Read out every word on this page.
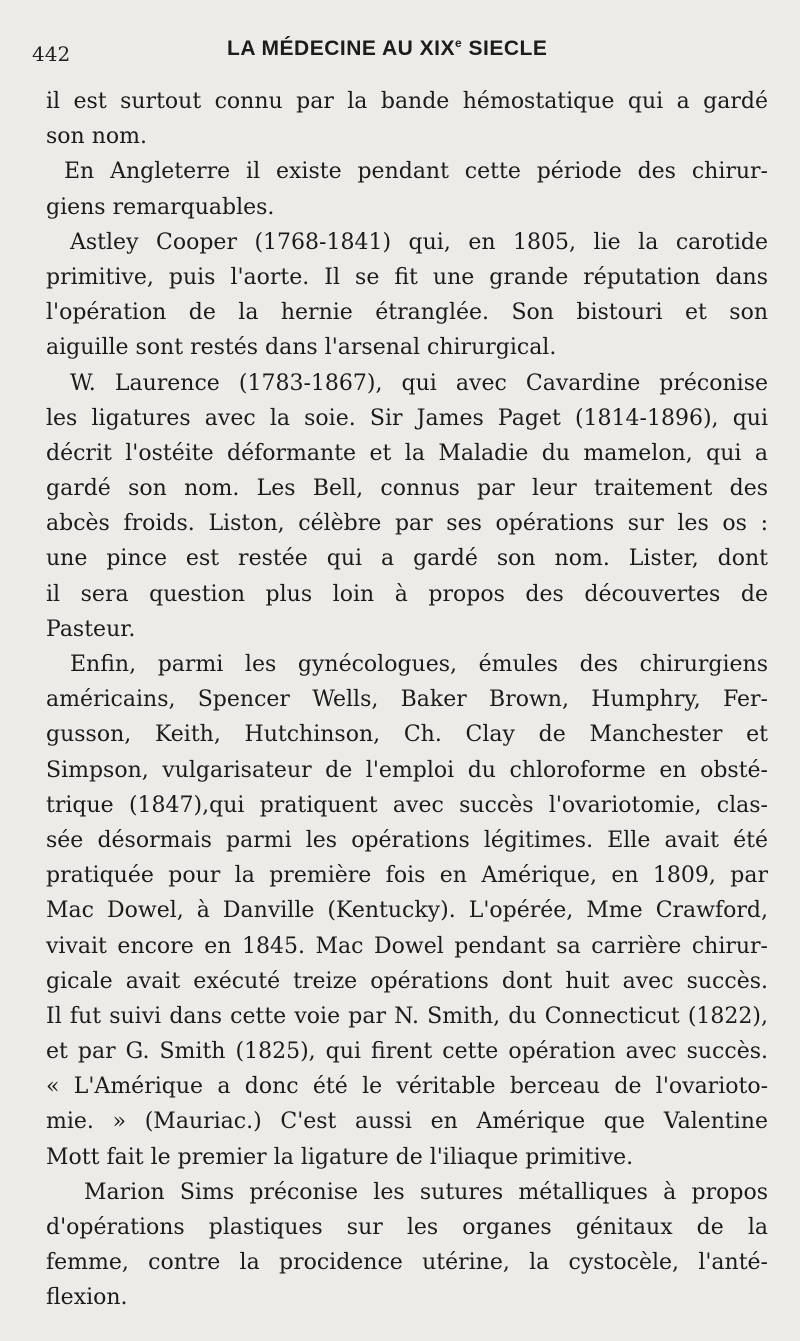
442	LA MÉDECINE AU XIXe SIECLE
il est surtout connu par la bande hémostatique qui a gardé
son nom.
En Angleterre il existe pendant cette période des chirur-
giens remarquables.
Astley Cooper (1768-1841) qui, en 1805, lie la carotide
primitive, puis l'aorte. Il se fit une grande réputation dans
l'opération de la hernie étranglée. Son bistouri et son
aiguille sont restés dans l'arsenal chirurgical.
W. Laurence (1783-1867), qui avec Cavardine préconise
les ligatures avec la soie. Sir James Paget (1814-1896), qui
décrit l'ostéite déformante et la Maladie du mamelon, qui a
gardé son nom. Les Bell, connus par leur traitement des
abcès froids. Liston, célèbre par ses opérations sur les os :
une pince est restée qui a gardé son nom. Lister, dont
il sera question plus loin à propos des découvertes de
Pasteur.
Enfin, parmi les gynécologues, émules des chirurgiens
américains, Spencer Wells, Baker Brown, Humphry, Fer-
gusson, Keith, Hutchinson, Ch. Clay de Manchester et
Simpson, vulgarisateur de l'emploi du chloroforme en obsté-
trique (1847),qui pratiquent avec succès l'ovariotomie, clas-
sée désormais parmi les opérations légitimes. Elle avait été
pratiquée pour la première fois en Amérique, en 1809, par
Mac Dowel, à Danville (Kentucky). L'opérée, Mme Crawford,
vivait encore en 1845. Mac Dowel pendant sa carrière chirur-
gicale avait exécuté treize opérations dont huit avec succès.
Il fut suivi dans cette voie par N. Smith, du Connecticut (1822),
et par G. Smith (1825), qui firent cette opération avec succès.
« L'Amérique a donc été le véritable berceau de l'ovarioto-
mie. » (Mauriac.) C'est aussi en Amérique que Valentine
Mott fait le premier la ligature de l'iliaque primitive.
Marion Sims préconise les sutures métalliques à propos
d'opérations plastiques sur les organes génitaux de la
femme, contre la procidence utérine, la cystocèle, l'anté-
flexion.
